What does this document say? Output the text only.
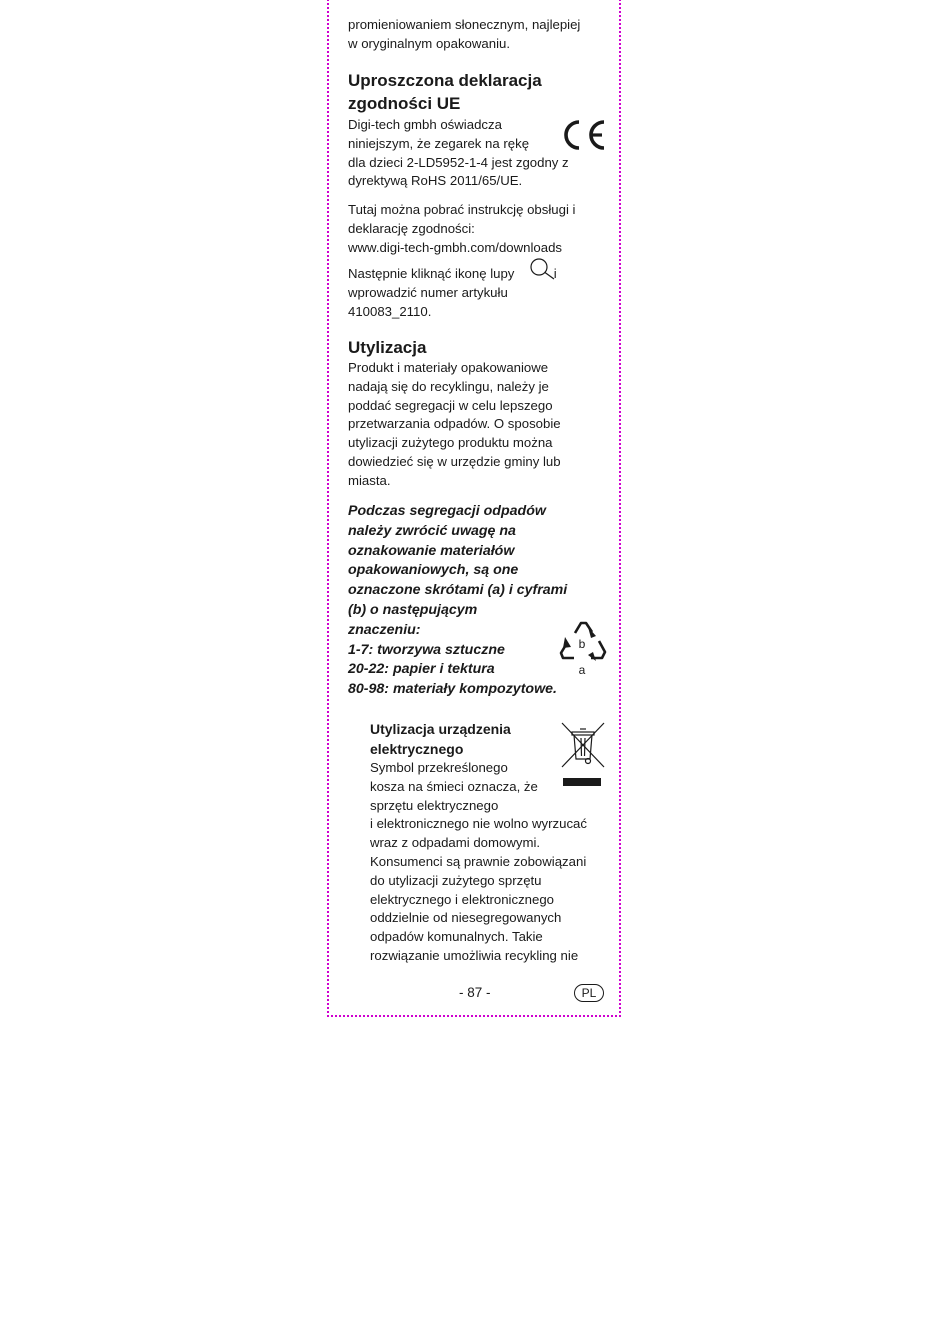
promieniowaniem słonecznym, najlepiej
w oryginalnym opakowaniu.

Uproszczona deklaracja
zgodności UE

Digi-tech gmbh oświadcza
niniejszym, że zegarek na rękę
dla dzieci 2-LD5952-1-4 jest zgodny z
dyrektywą RoHS 2011/65/UE.

Tutaj można pobrać instrukcję obsługi i
deklarację zgodności:
www.digi-tech-gmbh.com/downloads

Następnie kliknąć ikonę lupy	i
wprowadzić numer artykułu
410083_2110.

Utylizacja

Produkt i materiały opakowaniowe
nadają się do recyklingu, należy je
poddać segregacji w celu lepszego
przetwarzania odpadów. O sposobie
utylizacji zużytego produktu można
dowiedzieć się w urzędzie gminy lub
miasta.

Podczas segregacji odpadów
należy zwrócić uwagę na
oznakowanie materiałów
opakowaniowych, są one
oznaczone skrótami (a) i cyframi
(b) o następującym
znaczeniu:
1-7: tworzywa sztuczne
20-22: papier i tektura
80-98: materiały kompozytowe.

b
a
Utylizacja urządzenia
elektrycznego

Symbol przekreślonego
kosza na śmieci oznacza, że
sprzętu elektrycznego
i elektronicznego nie wolno wyrzucać
wraz z odpadami domowymi.
Konsumenci są prawnie zobowiązani
do utylizacji zużytego sprzętu
elektrycznego i elektronicznego
oddzielnie od niesegregowanych
odpadów komunalnych. Takie
rozwiązanie umożliwia recykling nie

- 87 -	PL
